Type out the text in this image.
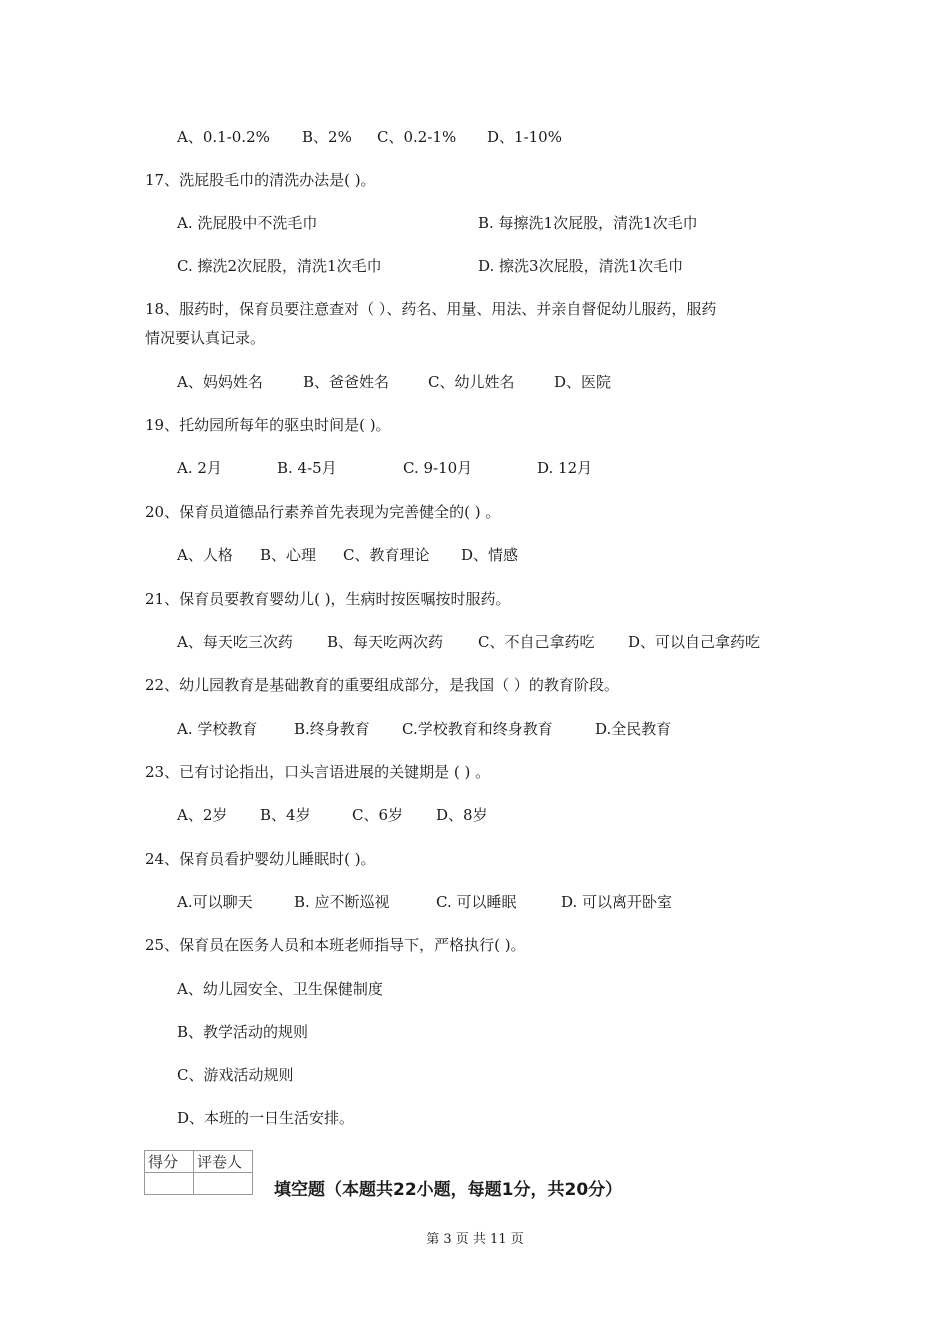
A、0.1-0.2% B、2% C、0.2-1% D、1-10%
17、洗屁股毛巾的清洗办法是( )。
A. 洗屁股中不洗毛巾	B. 每擦洗1次屁股，清洗1次毛巾
C. 擦洗2次屁股，清洗1次毛巾	D. 擦洗3次屁股，清洗1次毛巾
18、服药时，保育员要注意查对（ ）、药名、用量、用法、并亲自督促幼儿服药，服药
情况要认真记录。
A、妈妈姓名	B、爸爸姓名	C、幼儿姓名	D、医院
19、托幼园所每年的驱虫时间是( )。
A. 2月	B. 4-5月	C. 9-10月	D. 12月
20、保育员道德品行素养首先表现为完善健全的( ) 。
A、人格 B、心理 C、教育理论 D、情感
21、保育员要教育婴幼儿( )，生病时按医嘱按时服药。
A、每天吃三次药 B、每天吃两次药 C、不自己拿药吃 D、可以自己拿药吃
22、幼儿园教育是基础教育的重要组成部分，是我国（ ）的教育阶段。
A. 学校教育 B.终身教育 C.学校教育和终身教育	D.全民教育
23、已有讨论指出，口头言语进展的关键期是 ( ) 。
A、2岁 B、4岁	C、6岁 D、8岁
24、保育员看护婴幼儿睡眠时( )。
A.可以聊天	B. 应不断巡视	C. 可以睡眠	D. 可以离开卧室
25、保育员在医务人员和本班老师指导下，严格执行( )。
A、幼儿园安全、卫生保健制度
B、教学活动的规则
C、游戏活动规则
D、本班的一日生活安排。
得分	评卷人

填空题（本题共22小题，每题1分，共20分）
第 3 页 共 11 页
